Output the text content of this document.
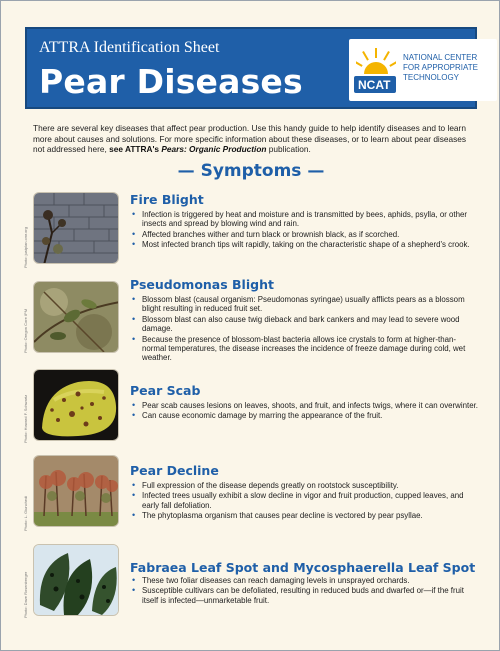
ATTRA Identification Sheet
Pear Diseases	NCAT
NATIONAL CENTER
FOR APPROPRIATE
TECHNOLOGY

There are several key diseases that affect pear production. Use this handy guide to help identify diseases and to learn more about causes and solutions. For more specific information about these diseases, or to learn about pear diseases not addressed here, see ATTRA's Pears: Organic Production publication.

— Symptoms —
Photo: justplan.cmr.org
Fire Blight
• Infection is triggered by heat and moisture and is transmitted by bees, aphids, psylla, or other insects and spread by blowing wind and rain.
• Affected branches wither and turn black or brownish black, as if scorched.
• Most infected branch tips wilt rapidly, taking on the characteristic shape of a shepherd's crook.
Photo: Oregon Core IPM
Pseudomonas Blight
• Blossom blast (causal organism: Pseudomonas syringae) usually afflicts pears as a blossom blight resulting in reduced fruit set.
• Blossom blast can also cause twig dieback and bark cankers and may lead to severe wood damage.
• Because the presence of blossom-blast bacteria allows ice crystals to form at higher-than-normal temperatures, the disease increases the incidence of freeze damage during cold, wet weather.
Photo: Howard F. Schwartz
Pear Scab
• Pear scab causes lesions on leaves, shoots, and fruit, and infects twigs, where it can overwinter.
• Can cause economic damage by marring the appearance of the fruit.
Photo: L. Giunchedi
Pear Decline
• Full expression of the disease depends greatly on rootstock susceptibility.
• Infected trees usually exhibit a slow decline in vigor and fruit production, cupped leaves, and early fall defoliation.
• The phytoplasma organism that causes pear decline is vectored by pear psyllae.
Photo: Dave Rosenberger
Fabraea Leaf Spot and Mycosphaerella Leaf Spot
• These two foliar diseases can reach damaging levels in unsprayed orchards.
• Susceptible cultivars can be defoliated, resulting in reduced buds and dwarfed or—if the fruit itself is infected—unmarketable fruit.
